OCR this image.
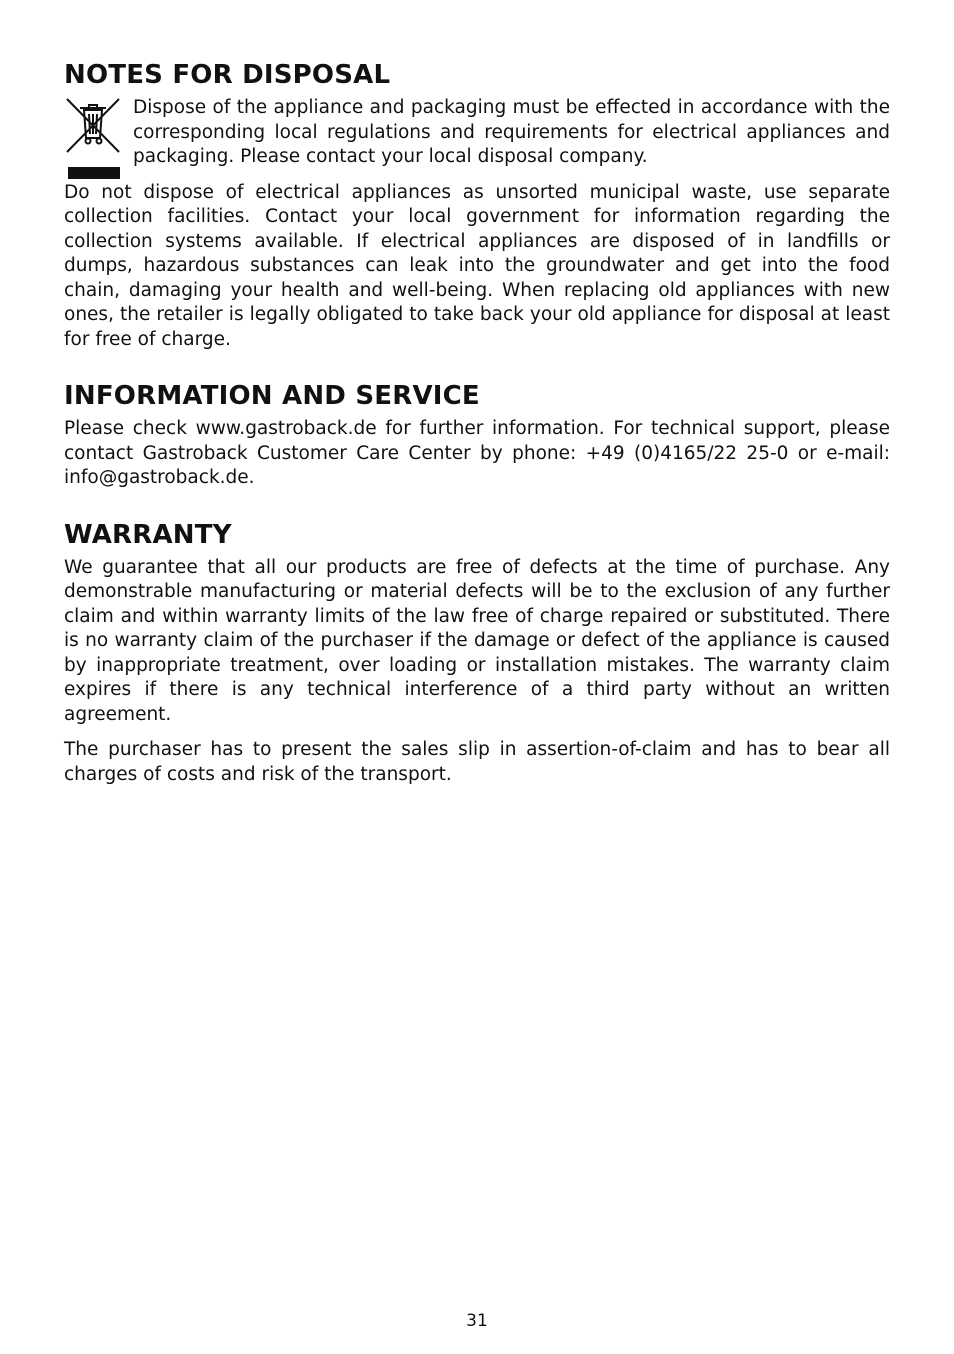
NOTES FOR DISPOSAL

Dispose of the appliance and packaging must be effected in accordance with the corresponding local regulations and requirements for electrical appliances and packaging. Please contact your local disposal company.

Do not dispose of electrical appliances as unsorted municipal waste, use separate collection facilities. Contact your local government for information regarding the collection systems available. If electrical appliances are disposed of in landfills or dumps, hazardous substances can leak into the groundwater and get into the food chain, damaging your health and well-being. When replacing old appliances with new ones, the retailer is legally obligated to take back your old appliance for disposal at least for free of charge.

INFORMATION AND SERVICE

Please check www.gastroback.de for further information. For technical support, please contact Gastroback Customer Care Center by phone: +49 (0)4165/22 25-0 or e-mail: info@gastroback.de.

WARRANTY

We guarantee that all our products are free of defects at the time of purchase. Any demonstrable manufacturing or material defects will be to the exclusion of any further claim and within warranty limits of the law free of charge repaired or substituted. There is no warranty claim of the purchaser if the damage or defect of the appliance is caused by inappropriate treatment, over loading or installation mistakes. The warranty claim expires if there is any technical interference of a third party without an written agreement.

The purchaser has to present the sales slip in assertion-of-claim and has to bear all charges of costs and risk of the transport.

31
